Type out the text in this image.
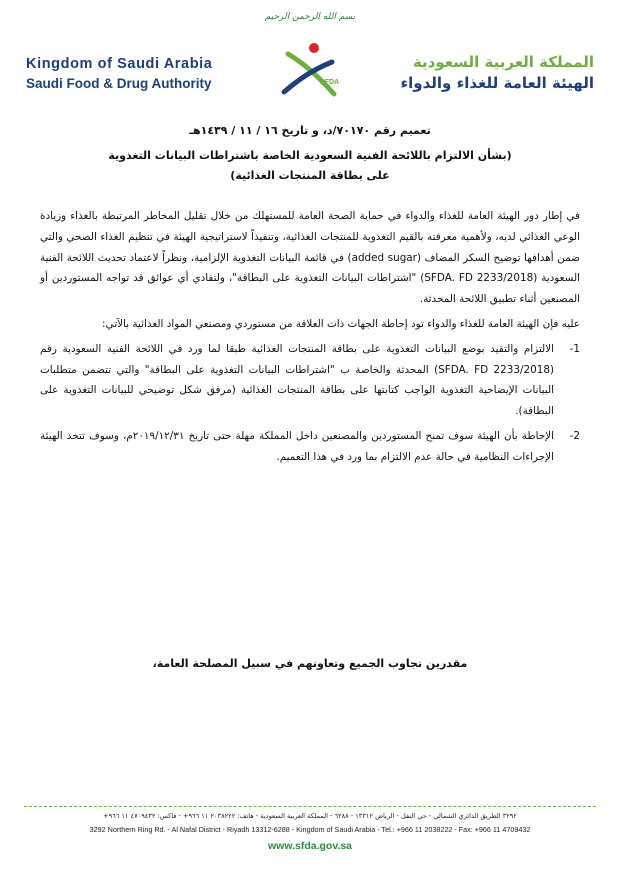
بسم الله الرحمن الرحيم
Kingdom of Saudi Arabia
Saudi Food & Drug Authority	SFDA
المملكة العربية السعودية
الهيئة العامة للغذاء والدواء
تعميم رقم ٧٠١٧٠/د، و تاريخ ١٦ / ١١ / ١٤٣٩هـ
(بشأن الالتزام باللائحة الفنية السعودية الخاصة باشتراطات البيانات التغذوية
على بطاقة المنتجات الغذائية)

في إطار دور الهيئة العامة للغذاء والدواء في حماية الصحة العامة للمستهلك من خلال تقليل المخاطر المرتبطة بالغذاء وزيادة الوعي الغذائي لديه، ولأهمية معرفته بالقيم التغذوية للمنتجات الغذائية، وتنفيذاً لاستراتيجية الهيئة في تنظيم الغذاء الصحي والتي ضمن أهدافها توضيح السكر المضاف (added sugar) في قائمة البيانات التغذوية الإلزامية، ونظراً لاعتماد تحديث اللائحة الفنية السعودية (SFDA. FD 2233/2018) "اشتراطات البيانات التغذوية على البطاقة"، ولتفادي أي عوائق قد تواجه المستوردين أو المصنعين أثناء تطبيق اللائحة المحدثة.

عليه فإن الهيئة العامة للغذاء والدواء تود إحاطة الجهات ذات العلاقة من مستوردي ومصنعي المواد الغذائية بالآتي:

1-
الالتزام والتقيد بوضع البيانات التغذوية على بطاقة المنتجات الغذائية طبقا لما ورد في اللائحة الفنية السعودية رقم (SFDA. FD 2233/2018) المحدثة والخاصة ب "اشتراطات البيانات التغذوية على البطاقة" والتي تتضمن متطلبات البيانات الإيضاحية التغذوية الواجب كتابتها على بطاقة المنتجات الغذائية (مرفق شكل توضيحي للبيانات التغذوية على البطاقة).
2-
الإحاطة بأن الهيئة سوف تمنح المستوردين والمصنعين داخل المملكة مهلة حتى تاريخ ٢٠١٩/١٢/٣١م، وسوف تتخذ الهيئة الإجراءات النظامية في حالة عدم الالتزام بما ورد في هذا التعميم.
مقدرين تجاوب الجميع وتعاونهم في سبيل المصلحة العامة،
٣٢٩٢ الطريق الدائري الشمالي - حي النفل - الرياض ١٣٣١٢ - ٦٢٨٨ - المملكة العربية السعودية - هاتف: ٢٠٣٨٢٢٢ ١١ ٩٦٦+ - فاكس: ٤٧٠٩٤٣٢ ١١ ٩٦٦+
3292 Northern Ring Rd. - Al Nafal District - Riyadh 13312-6288 - Kingdom of Saudi Arabia - Tel.: +966 11 2038222 - Fax: +966 11 4709432
www.sfda.gov.sa
